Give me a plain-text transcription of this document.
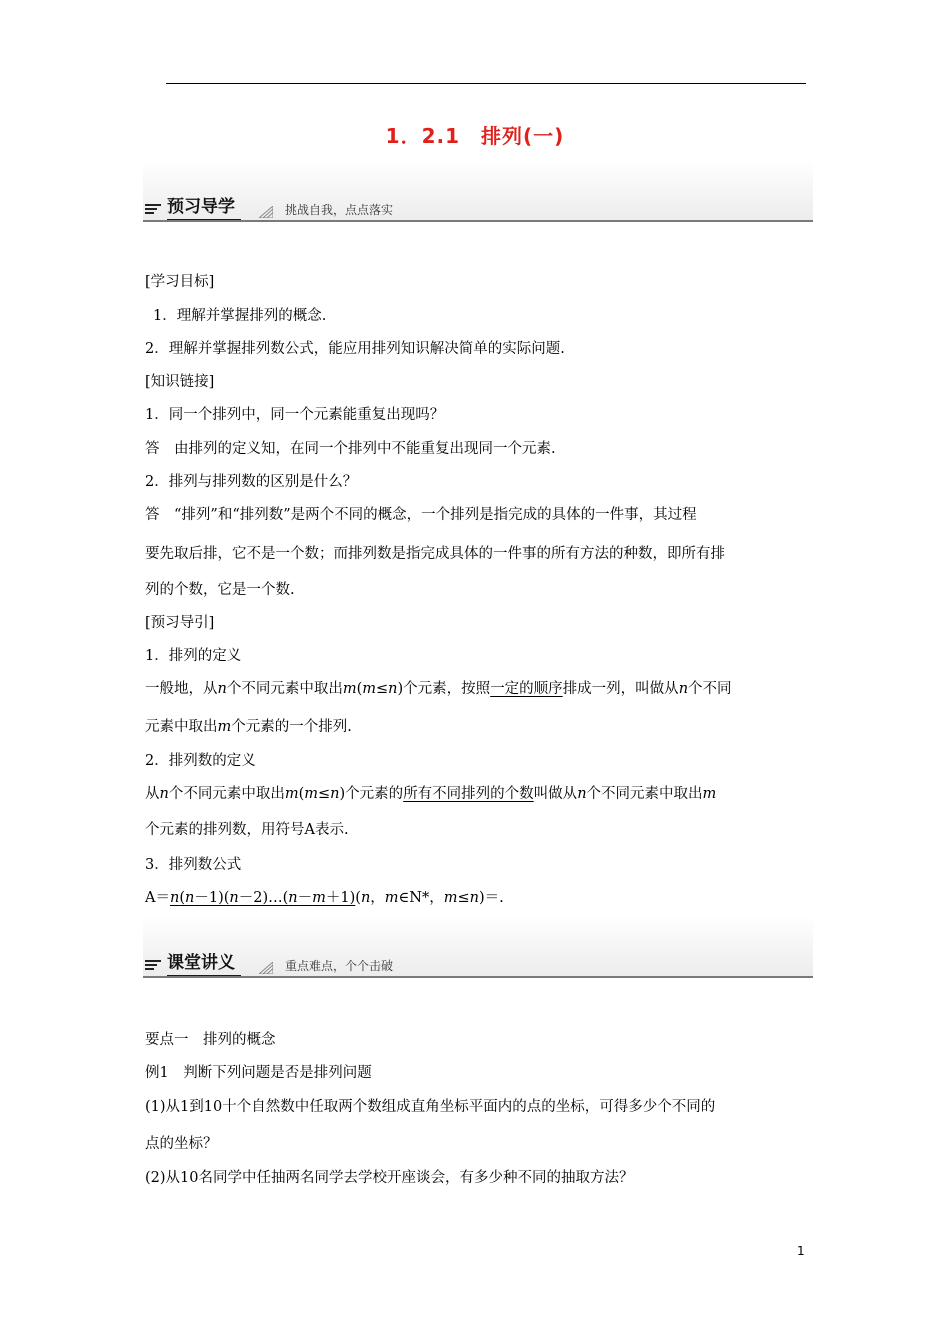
1．2.1　排列(一)
预习导学	挑战自我，点点落实
[学习目标]
1．理解并掌握排列的概念.
2．理解并掌握排列数公式，能应用排列知识解决简单的实际问题.
[知识链接]
1．同一个排列中，同一个元素能重复出现吗？
答　由排列的定义知，在同一个排列中不能重复出现同一个元素.
2．排列与排列数的区别是什么？
答　“排列”和“排列数”是两个不同的概念，一个排列是指完成的具体的一件事，其过程
要先取后排，它不是一个数；而排列数是指完成具体的一件事的所有方法的种数，即所有排
列的个数，它是一个数.
[预习导引]
1．排列的定义
一般地，从n个不同元素中取出m(m≤n)个元素，按照一定的顺序排成一列，叫做从n个不同
元素中取出m个元素的一个排列.
2．排列数的定义
从n个不同元素中取出m(m≤n)个元素的所有不同排列的个数叫做从n个不同元素中取出m
个元素的排列数，用符号A表示.
3．排列数公式
A＝n(n－1)(n－2)…(n－m＋1)(n，m∈N*，m≤n)＝.
课堂讲义	重点难点，个个击破
要点一　排列的概念
例1　判断下列问题是否是排列问题
(1)从1到10十个自然数中任取两个数组成直角坐标平面内的点的坐标，可得多少个不同的
点的坐标？
(2)从10名同学中任抽两名同学去学校开座谈会，有多少种不同的抽取方法？
1
